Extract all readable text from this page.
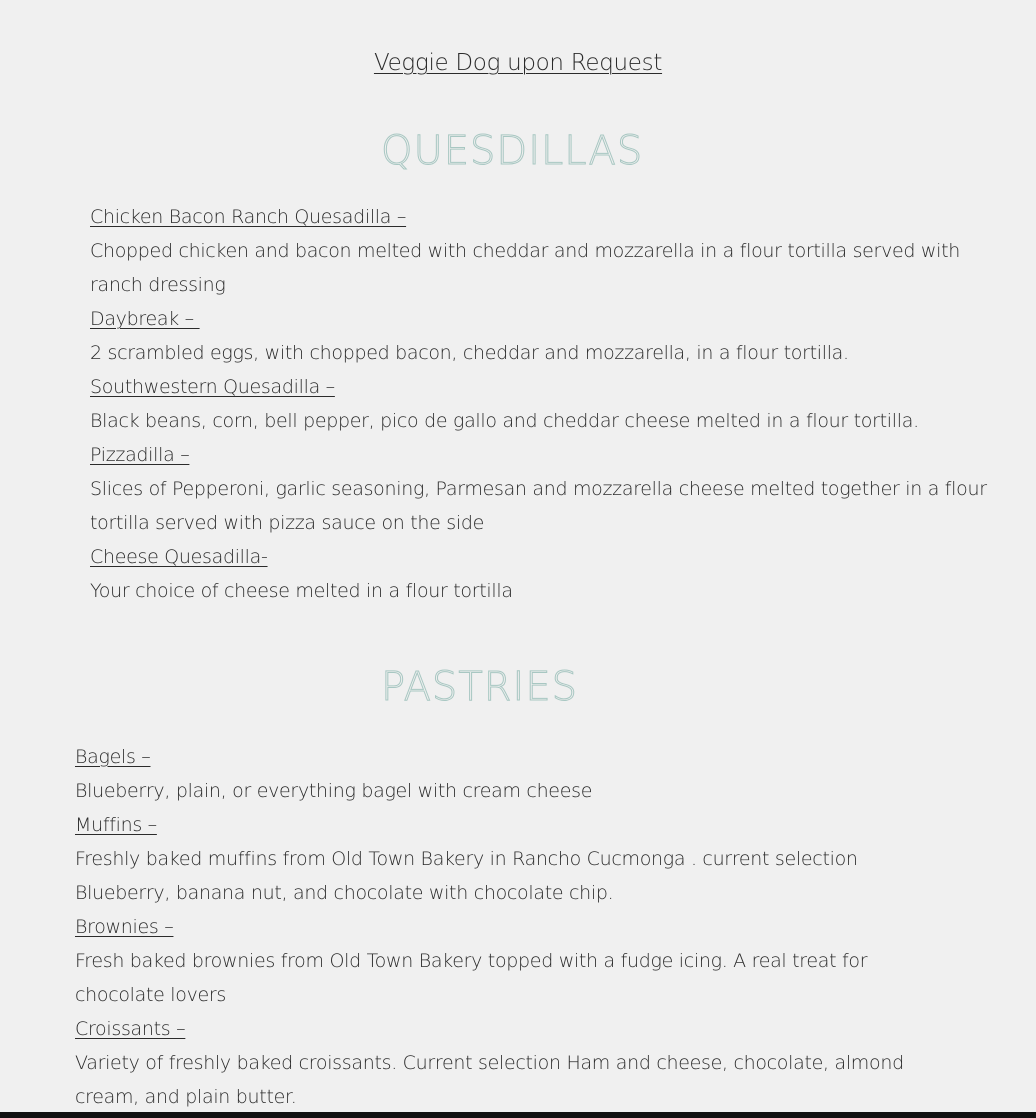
Veggie Dog upon Request
QUESDILLAS
Chicken Bacon Ranch Quesadilla –
Chopped chicken and bacon melted with cheddar and mozzarella in a flour tortilla served with ranch dressing
Daybreak –
2 scrambled eggs, with chopped bacon, cheddar and mozzarella, in a flour tortilla.
Southwestern Quesadilla –
Black beans, corn, bell pepper, pico de gallo and cheddar cheese melted in a flour tortilla.
Pizzadilla –
Slices of Pepperoni, garlic seasoning, Parmesan and mozzarella cheese melted together in a flour tortilla served with pizza sauce on the side
Cheese Quesadilla-
Your choice of cheese melted in a flour tortilla
PASTRIES
Bagels –
Blueberry, plain, or everything bagel with cream cheese
Muffins –
Freshly baked muffins from Old Town Bakery in Rancho Cucmonga . current selection Blueberry, banana nut, and chocolate with chocolate chip.
Brownies –
Fresh baked brownies from Old Town Bakery topped with a fudge icing. A real treat for chocolate lovers
Croissants –
Variety of freshly baked croissants. Current selection Ham and cheese, chocolate, almond cream, and plain butter.
